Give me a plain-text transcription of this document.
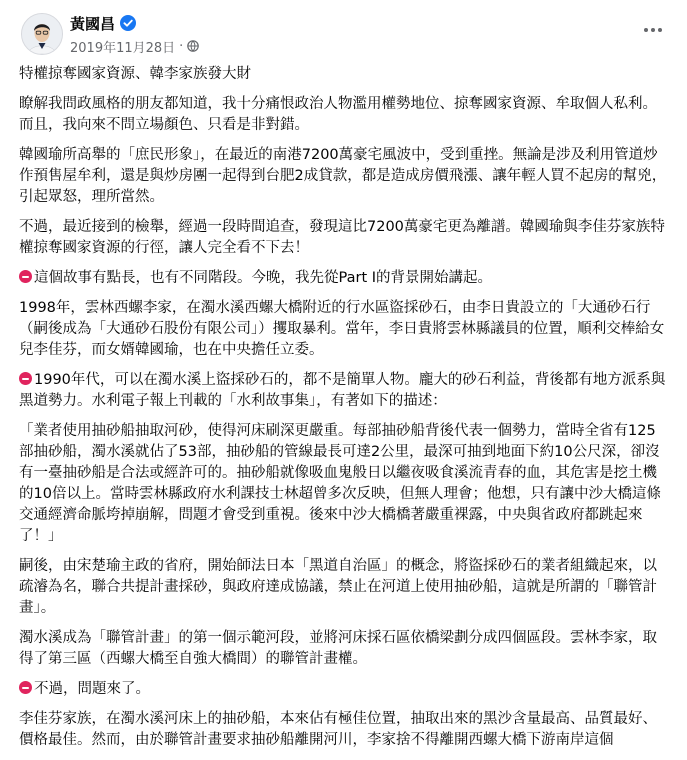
黃國昌
2019年11月28日 ·

特權掠奪國家資源、韓李家族發大財

瞭解我問政風格的朋友都知道，我十分痛恨政治人物濫用權勢地位、掠奪國家資源、牟取個人私利。而且，我向來不問立場顏色、只看是非對錯。

韓國瑜所高舉的「庶民形象」，在最近的南港7200萬豪宅風波中，受到重挫。無論是涉及利用管道炒作預售屋牟利，還是與炒房團一起得到台肥2成貸款，都是造成房價飛漲、讓年輕人買不起房的幫兇，引起眾怒，理所當然。

不過，最近接到的檢舉，經過一段時間追查，發現這比7200萬豪宅更為離譜。韓國瑜與李佳芬家族特權掠奪國家資源的行徑，讓人完全看不下去！

這個故事有點長，也有不同階段。今晚，我先從Part I的背景開始講起。

1998年，雲林西螺李家，在濁水溪西螺大橋附近的行水區盜採砂石，由李日貴設立的「大通砂石行（嗣後成為「大通砂石股份有限公司」）攫取暴利。當年，李日貴將雲林縣議員的位置，順利交棒給女兒李佳芬，而女婿韓國瑜，也在中央擔任立委。

1990年代，可以在濁水溪上盜採砂石的，都不是簡單人物。龐大的砂石利益，背後都有地方派系與黑道勢力。水利電子報上刊載的「水利故事集」，有著如下的描述：

「業者使用抽砂船抽取河砂，使得河床刷深更嚴重。每部抽砂船背後代表一個勢力，當時全省有125部抽砂船，濁水溪就佔了53部，抽砂船的管線最長可達2公里，最深可抽到地面下約10公尺深，卻沒有一臺抽砂船是合法或經許可的。抽砂船就像吸血鬼般日以繼夜吸食溪流青春的血，其危害是挖土機的10倍以上。當時雲林縣政府水利課技士林超曾多次反映，但無人理會；他想，只有讓中沙大橋這條交通經濟命脈垮掉崩解，問題才會受到重視。後來中沙大橋橋著嚴重裸露，中央與省政府都跳起來了！」

嗣後，由宋楚瑜主政的省府，開始師法日本「黑道自治區」的概念，將盜採砂石的業者組織起來，以疏濬為名，聯合共提計畫採砂，與政府達成協議，禁止在河道上使用抽砂船，這就是所謂的「聯管計畫」。

濁水溪成為「聯管計畫」的第一個示範河段，並將河床採石區依橋梁劃分成四個區段。雲林李家，取得了第三區（西螺大橋至自強大橋間）的聯管計畫權。

不過，問題來了。

李佳芬家族，在濁水溪河床上的抽砂船，本來佔有極佳位置，抽取出來的黑沙含量最高、品質最好、價格最佳。然而，由於聯管計畫要求抽砂船離開河川，李家捨不得離開西螺大橋下游南岸這個
